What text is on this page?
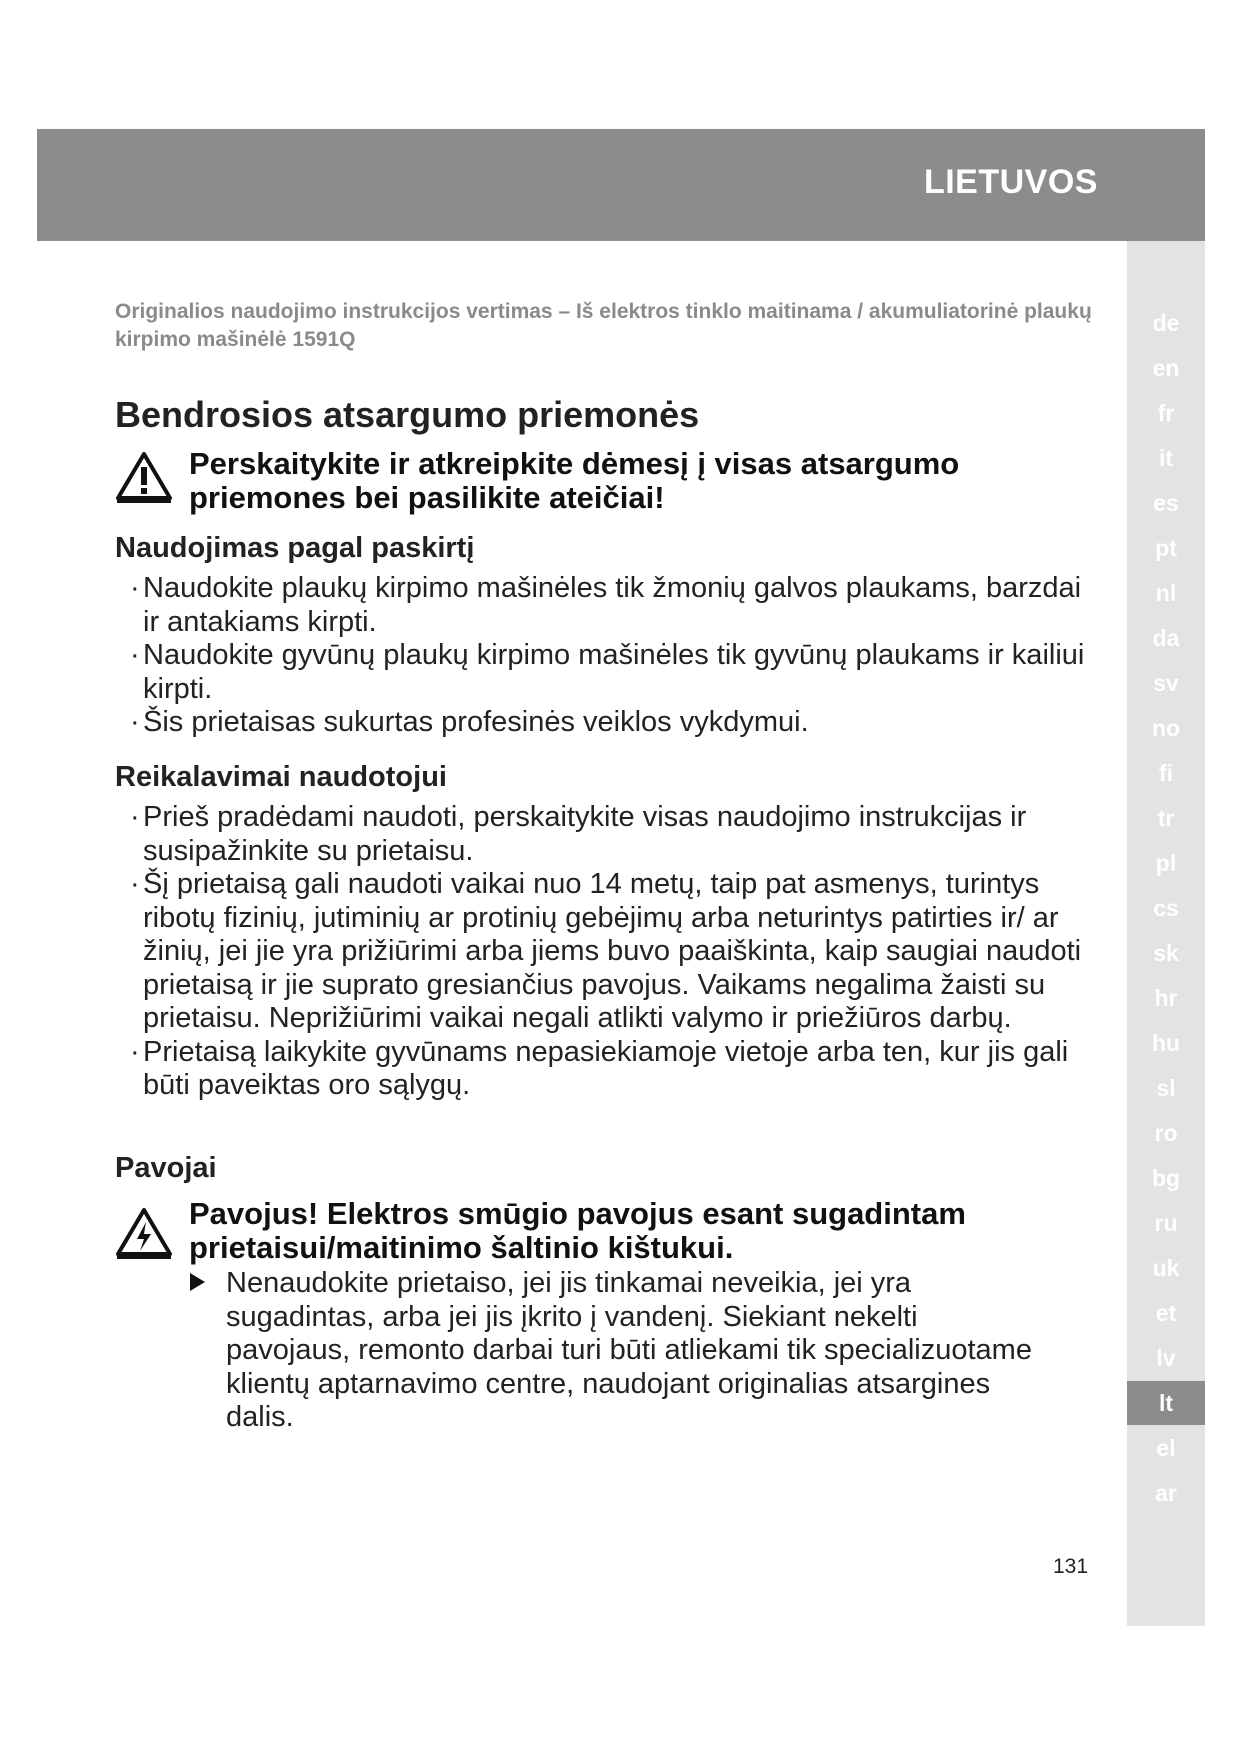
LIETUVOS
de
en
fr
it
es
pt
nl
da
sv
no
fi
tr
pl
cs
sk
hr
hu
sl
ro
bg
ru
uk
et
lv
lt
el
ar
Originalios naudojimo instrukcijos vertimas – Iš elektros tinklo maitinama / akumuliatorinė plaukų kirpimo mašinėlė 1591Q
Bendrosios atsargumo priemonės
Perskaitykite ir atkreipkite dėmesį į visas atsargumo priemones bei pasilikite ateičiai!
Naudojimas pagal paskirtį
· Naudokite plaukų kirpimo mašinėles tik žmonių galvos plaukams, barzdai ir antakiams kirpti.
· Naudokite gyvūnų plaukų kirpimo mašinėles tik gyvūnų plaukams ir kailiui kirpti.
· Šis prietaisas sukurtas profesinės veiklos vykdymui.
Reikalavimai naudotojui
· Prieš pradėdami naudoti, perskaitykite visas naudojimo instrukcijas ir susipažinkite su prietaisu.
· Šį prietaisą gali naudoti vaikai nuo 14 metų, taip pat asmenys, turintys ribotų fizinių, jutiminių ar protinių gebėjimų arba neturintys patirties ir/ ar žinių, jei jie yra prižiūrimi arba jiems buvo paaiškinta, kaip saugiai naudoti prietaisą ir jie suprato gresiančius pavojus. Vaikams negalima žaisti su prietaisu. Neprižiūrimi vaikai negali atlikti valymo ir priežiūros darbų.
· Prietaisą laikykite gyvūnams nepasiekiamoje vietoje arba ten, kur jis gali būti paveiktas oro sąlygų.
Pavojai
Pavojus! Elektros smūgio pavojus esant sugadintam prietaisui/maitinimo šaltinio kištukui.
Nenaudokite prietaiso, jei jis tinkamai neveikia, jei yra sugadintas, arba jei jis įkrito į vandenį. Siekiant nekelti pavojaus, remonto darbai turi būti atliekami tik specializuotame klientų aptarnavimo centre, naudojant originalias atsargines dalis.
131
